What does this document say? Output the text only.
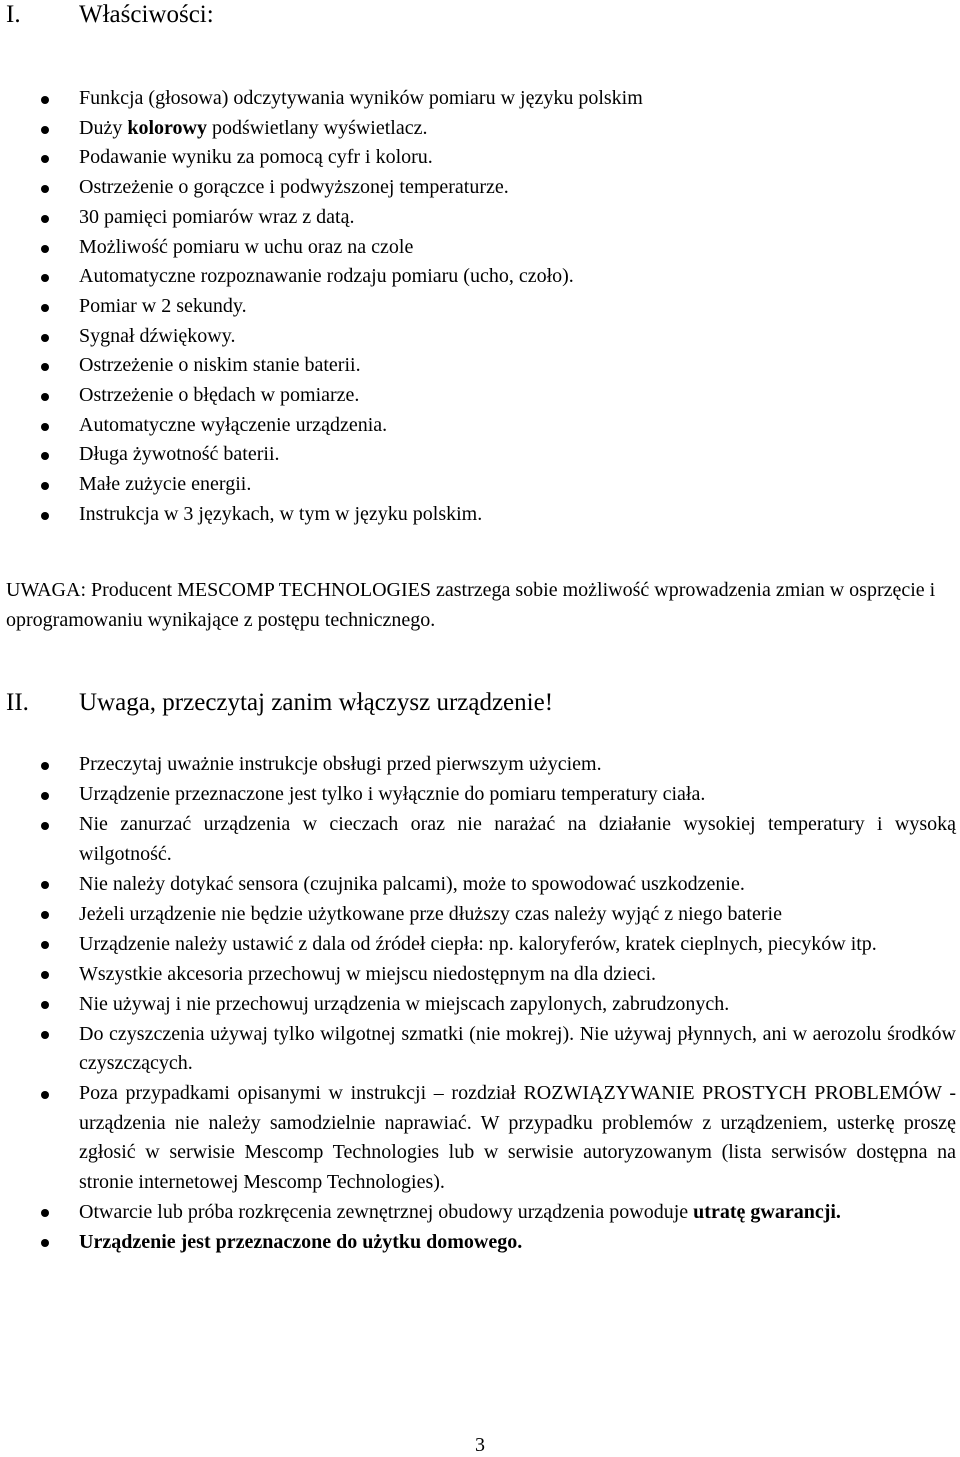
I. Właściwości:
Funkcja (głosowa) odczytywania wyników pomiaru w języku polskim
Duży kolorowy podświetlany wyświetlacz.
Podawanie wyniku za pomocą cyfr i koloru.
Ostrzeżenie o gorączce i podwyższonej temperaturze.
30 pamięci pomiarów wraz z datą.
Możliwość pomiaru w uchu oraz na czole
Automatyczne rozpoznawanie rodzaju pomiaru (ucho, czoło).
Pomiar w 2 sekundy.
Sygnał dźwiękowy.
Ostrzeżenie o niskim stanie baterii.
Ostrzeżenie o błędach w pomiarze.
Automatyczne wyłączenie urządzenia.
Długa żywotność baterii.
Małe zużycie energii.
Instrukcja w 3 językach, w tym w języku polskim.

UWAGA: Producent MESCOMP TECHNOLOGIES zastrzega sobie możliwość wprowadzenia zmian w osprzęcie i oprogramowaniu wynikające z postępu technicznego.

II. Uwaga, przeczytaj zanim włączysz urządzenie!
Przeczytaj uważnie instrukcje obsługi przed pierwszym użyciem.
Urządzenie przeznaczone jest tylko i wyłącznie do pomiaru temperatury ciała.
Nie zanurzać urządzenia w cieczach oraz nie narażać na działanie wysokiej temperatury i wysoką wilgotność.
Nie należy dotykać sensora (czujnika palcami), może to spowodować uszkodzenie.
Jeżeli urządzenie nie będzie użytkowane prze dłuższy czas należy wyjąć z niego baterie
Urządzenie należy ustawić z dala od źródeł ciepła: np. kaloryferów, kratek cieplnych, piecyków itp.
Wszystkie akcesoria przechowuj w miejscu niedostępnym na dla dzieci.
Nie używaj i nie przechowuj urządzenia w miejscach zapylonych, zabrudzonych.
Do czyszczenia używaj tylko wilgotnej szmatki (nie mokrej). Nie używaj płynnych, ani w aerozolu środków czyszczących.
Poza przypadkami opisanymi w instrukcji – rozdział ROZWIĄZYWANIE PROSTYCH PROBLEMÓW - urządzenia nie należy samodzielnie naprawiać. W przypadku problemów z urządzeniem, usterkę proszę zgłosić w serwisie Mescomp Technologies lub w serwisie autoryzowanym (lista serwisów dostępna na stronie internetowej Mescomp Technologies).
Otwarcie lub próba rozkręcenia zewnętrznej obudowy urządzenia powoduje utratę gwarancji.
Urządzenie jest przeznaczone do użytku domowego.
3
